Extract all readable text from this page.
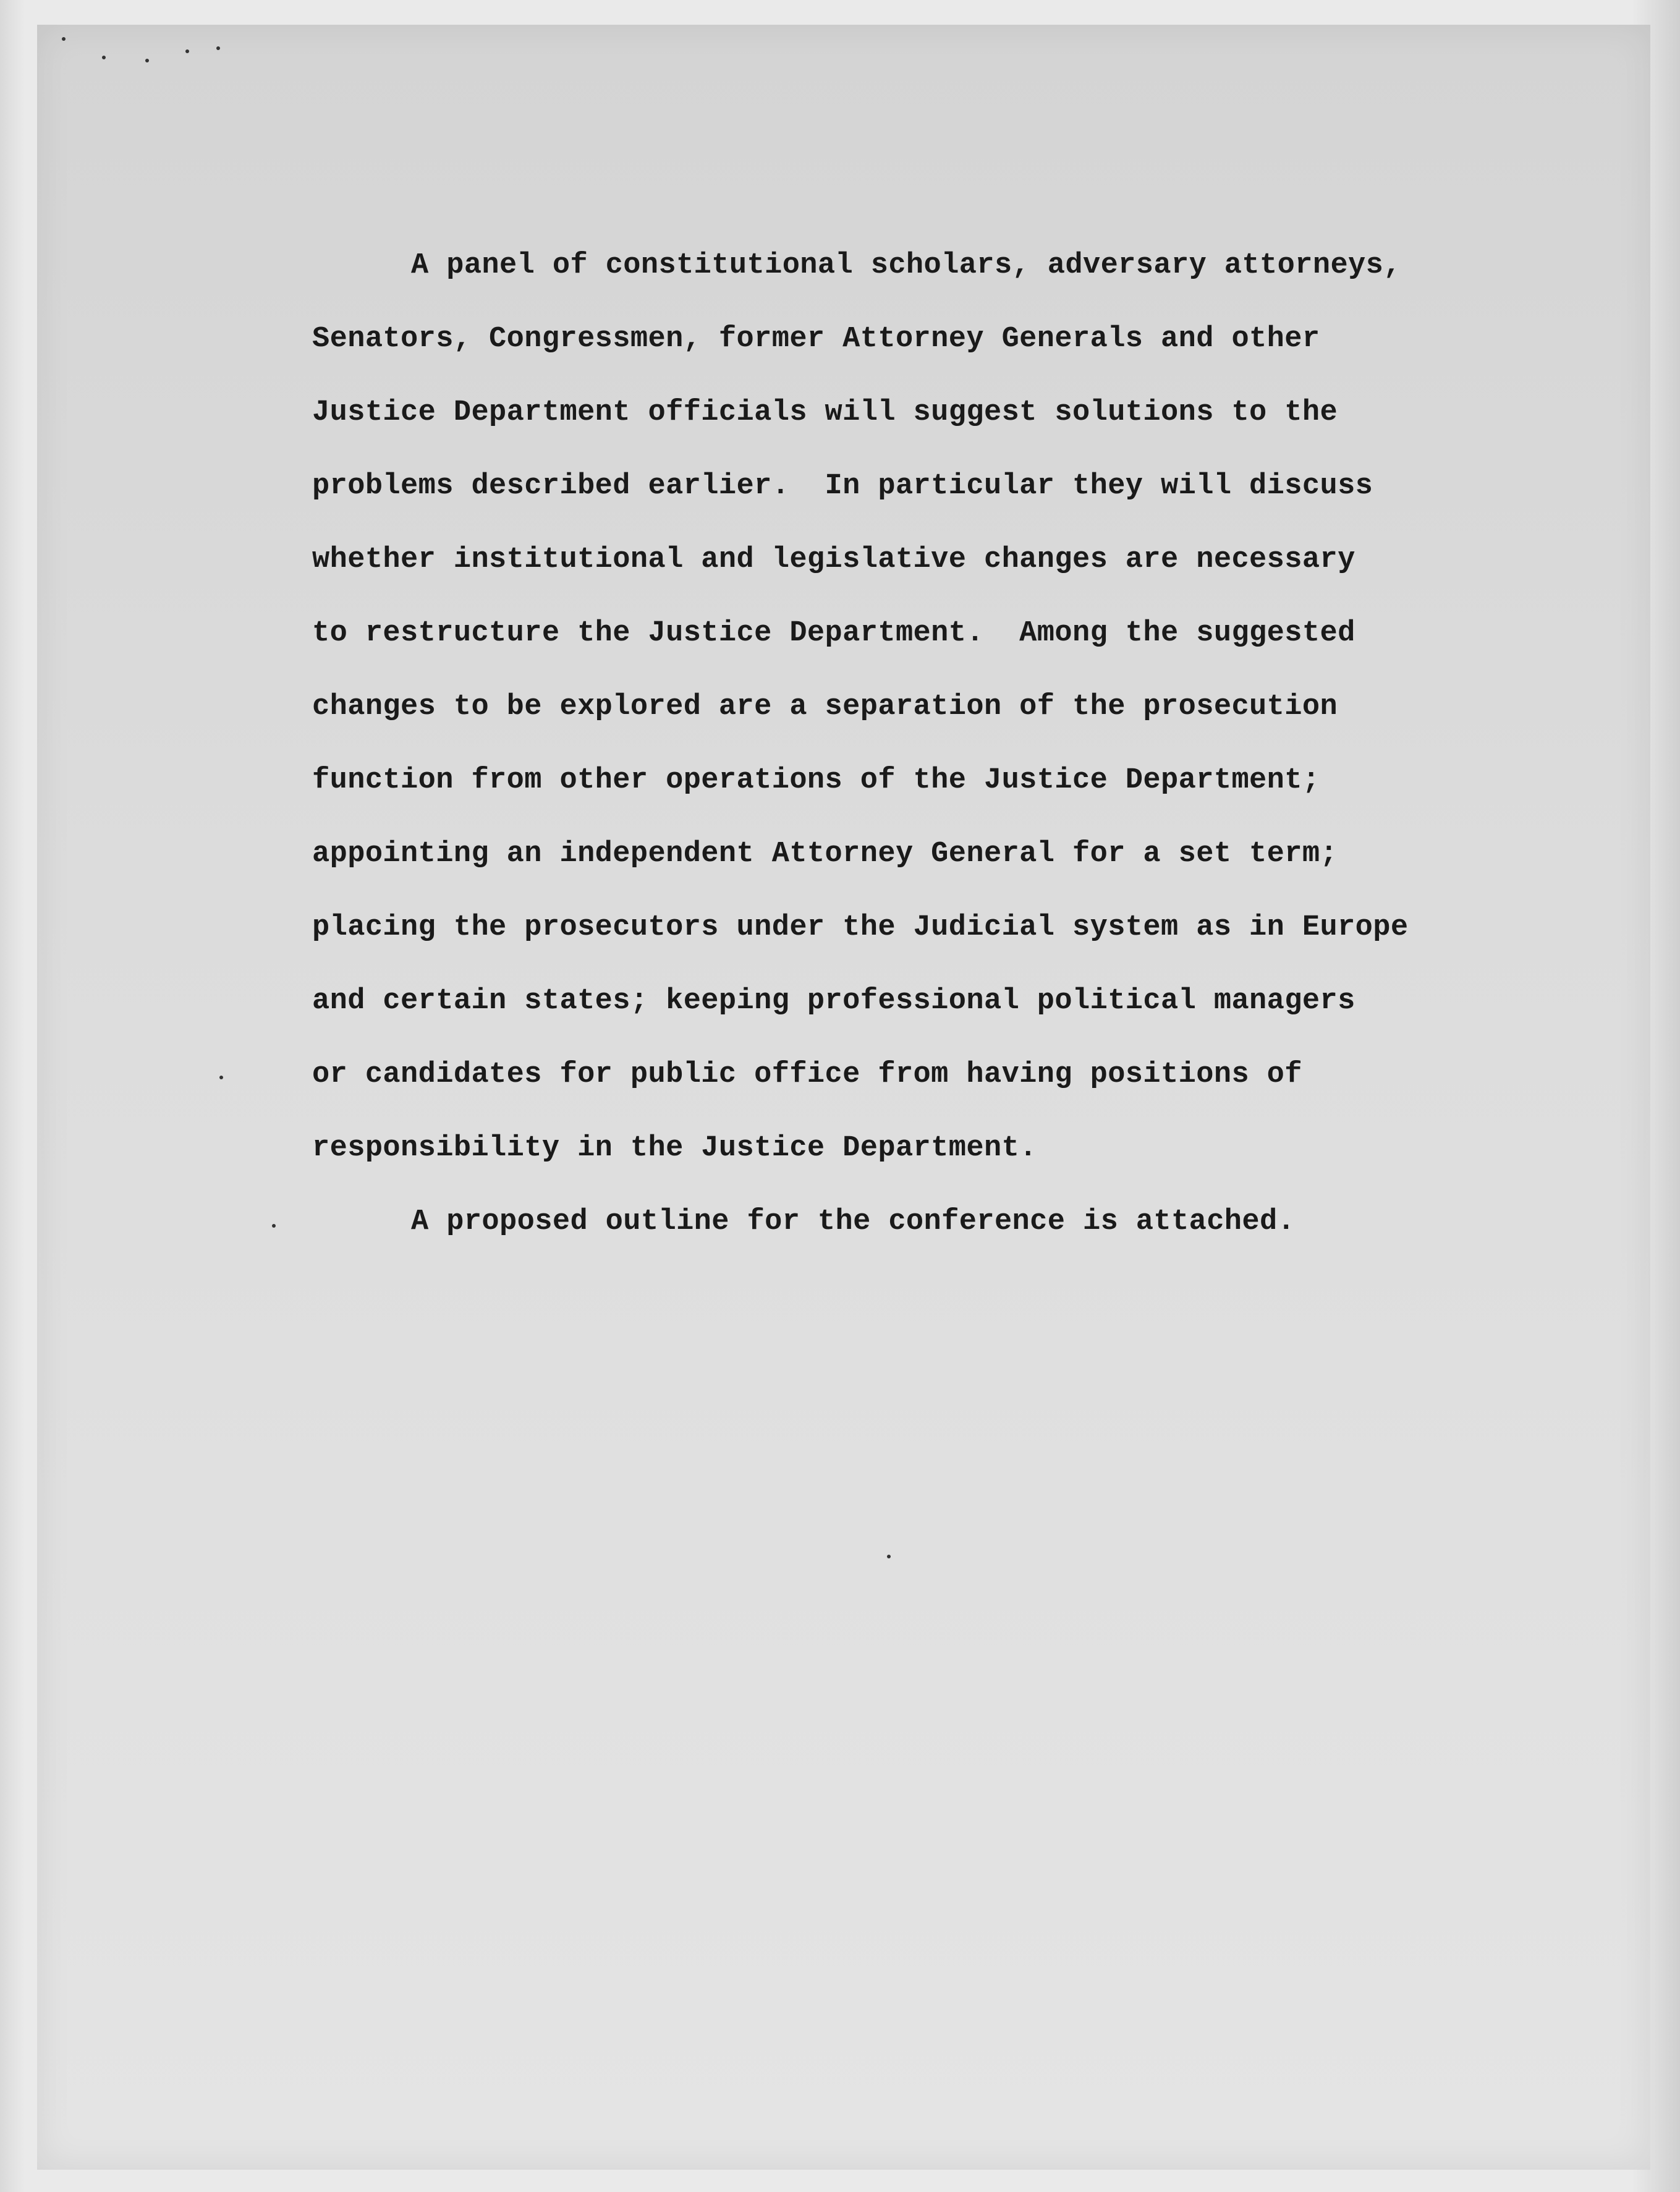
A panel of constitutional scholars, adversary attorneys,
Senators, Congressmen, former Attorney Generals and other
Justice Department officials will suggest solutions to the
problems described earlier.  In particular they will discuss
whether institutional and legislative changes are necessary
to restructure the Justice Department.  Among the suggested
changes to be explored are a separation of the prosecution
function from other operations of the Justice Department;
appointing an independent Attorney General for a set term;
placing the prosecutors under the Judicial system as in Europe
and certain states; keeping professional political managers
or candidates for public office from having positions of
responsibility in the Justice Department.
A proposed outline for the conference is attached.
